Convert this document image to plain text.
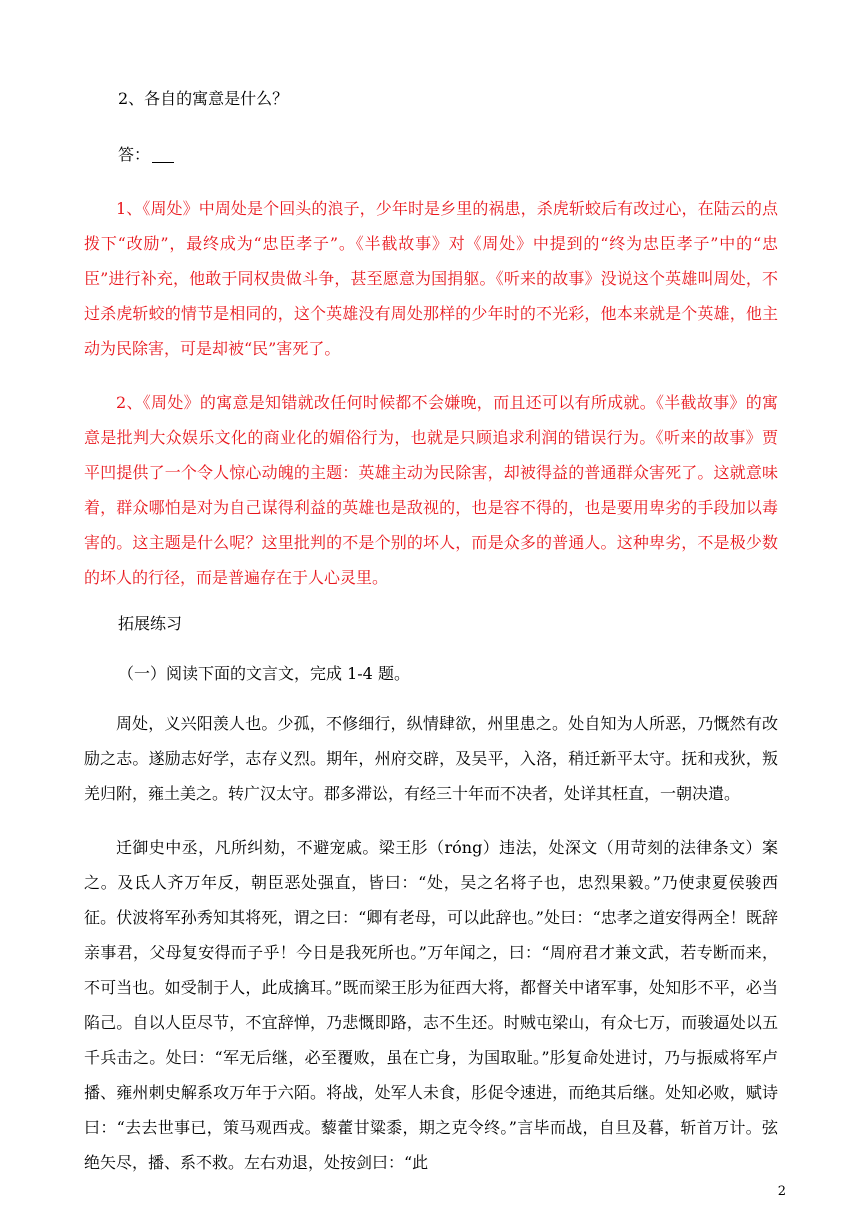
2、各自的寓意是什么？
答：

1、《周处》中周处是个回头的浪子，少年时是乡里的祸患，杀虎斩蛟后有改过心，在陆云的点拨下“改励”，最终成为“忠臣孝子”。《半截故事》对《周处》中提到的“终为忠臣孝子”中的“忠臣”进行补充，他敢于同权贵做斗争，甚至愿意为国捐躯。《听来的故事》没说这个英雄叫周处，不过杀虎斩蛟的情节是相同的，这个英雄没有周处那样的少年时的不光彩，他本来就是个英雄，他主动为民除害，可是却被“民”害死了。

2、《周处》的寓意是知错就改任何时候都不会嫌晚，而且还可以有所成就。《半截故事》的寓意是批判大众娱乐文化的商业化的媚俗行为，也就是只顾追求利润的错误行为。《听来的故事》贾平凹提供了一个令人惊心动魄的主题：英雄主动为民除害，却被得益的普通群众害死了。这就意味着，群众哪怕是对为自己谋得利益的英雄也是敌视的，也是容不得的，也是要用卑劣的手段加以毒害的。这主题是什么呢？这里批判的不是个别的坏人，而是众多的普通人。这种卑劣，不是极少数的坏人的行径，而是普遍存在于人心灵里。

拓展练习
（一）阅读下面的文言文，完成 1-4 题。

周处，义兴阳羡人也。少孤，不修细行，纵情肆欲，州里患之。处自知为人所恶，乃慨然有改励之志。遂励志好学，志存义烈。期年，州府交辟，及吴平，入洛，稍迁新平太守。抚和戎狄，叛羌归附，雍土美之。转广汉太守。郡多滞讼，有经三十年而不决者，处详其枉直，一朝决遣。

迁御史中丞，凡所纠劾，不避宠戚。梁王肜（róng）违法，处深文（用苛刻的法律条文）案之。及氐人齐万年反，朝臣恶处强直，皆曰：“处，吴之名将子也，忠烈果毅。”乃使隶夏侯骏西征。伏波将军孙秀知其将死，谓之曰：“卿有老母，可以此辞也。”处曰：“忠孝之道安得两全！既辞亲事君，父母复安得而子乎！今日是我死所也。”万年闻之，曰：“周府君才兼文武，若专断而来，不可当也。如受制于人，此成擒耳。”既而梁王肜为征西大将，都督关中诸军事，处知肜不平，必当陷己。自以人臣尽节，不宜辞惮，乃悲慨即路，志不生还。时贼屯梁山，有众七万，而骏逼处以五千兵击之。处曰：“军无后继，必至覆败，虽在亡身，为国取耻。”肜复命处进讨，乃与振威将军卢播、雍州刺史解系攻万年于六陌。将战，处军人未食，肜促令速进，而绝其后继。处知必败，赋诗曰：“去去世事已，策马观西戎。藜藿甘粱黍，期之克令终。”言毕而战，自旦及暮，斩首万计。弦绝矢尽，播、系不救。左右劝退，处按剑曰：“此

2
